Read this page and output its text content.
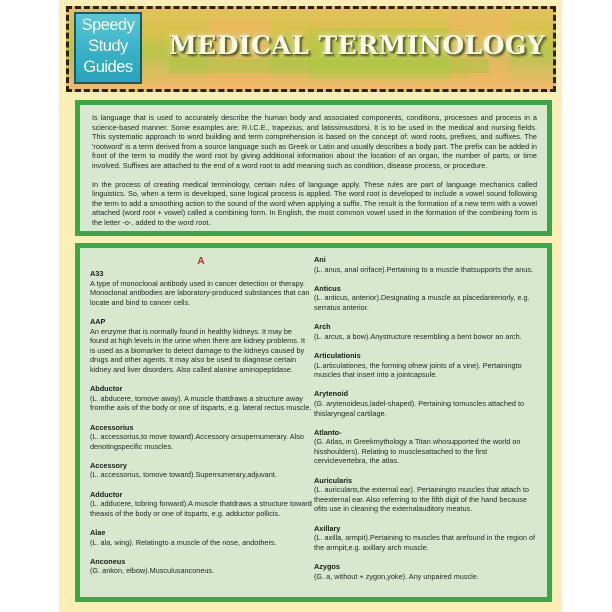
Speedy
Study
Guides
MEDICAL TERMINOLOGY

Is language that is used to accurately describe the human body and associated components, conditions, processes and process in a science-based manner. Some examples are: R.I.C.E., trapezius, and latissimusdorsi. It is to be used in the medical and nursing fields. This systematic approach to word building and term comprehension is based on the concept of: word roots, prefixes, and suffixes. The 'rootword' is a term derived from a source language such as Greek or Latin and usually describes a body part. The prefix can be added in front of the term to modify the word root by giving additional information about the location of an organ, the number of parts, or time involved. Suffixes are attached to the end of a word root to add meaning such as condition, disease process, or procedure.

In the process of creating medical terminology, certain rules of language apply. These rules are part of language mechanics called linguistics. So, when a term is developed, sone logical process is applied. The word root is developed to include a vowel sound following the term to add a smoothing action to the sound of the word when applying a suffix. The result is the formation of a new term with a vowel attached (word root + vowel) called a combining form. In English, the most common vowel used in the formation of the combining form is the letter -o-, added to the word root.

A
A33
A type of monoclonal antibody used in cancer detection or therapy. Monoclonal antibodies are laboratory-produced substances that can locate and bind to cancer cells.
AAP
An enzyme that is normally found in healthy kidneys. It may be found at high levels in the urine when there are kidney problems. It is used as a biomarker to detect damage to the kidneys caused by drugs and other agents. It may also be used to diagnose certain kidney and liver disorders. Also called alanine aminopeptidase.
Abductor
(L. abducere, tomove away). A muscle thatdraws a structure away fromthe axis of the body or one of itsparts, e.g. lateral rectus muscle.
Accessorius
(L. accessorius,to move toward).Accessory orsupernumerary. Also denotingspecific muscles.
Accessory
(L. accessorius, tomove toward).Supernumerary,adjuvant.
Adductor
(L. adducere, tobring forward).A muscle thatdraws a structure toward theaxis of the body or one of itsparts, e.g. adductor pollicis.
Alae
(L. ala, wing). Relatingto a muscle of the nose, andothers.
Anconeus
(G. ankon, elbow).Musculusanconeus.
Ani
(L. anus, anal oriface).Pertaining to a muscle thatsupports the anus.
Anticus
(L. anticus, anterior).Designating a muscle as placedanteriorly, e.g. serratus anterior.
Arch
(L. arcus, a bow).Anystructure resembling a bent bowor an arch.
Articulationis
(L.articulationes, the forming ofnew joints of a vine). Pertainingto muscles that insert into a jointcapsule.
Arytenoid
(G. arytenoideus,ladel-shaped). Pertaining tomuscles attached to thislaryngeal cartilage.
Atlanto-
(G. Atlas, in Greekmythology a Titan whosupported the world on hisshoulders). Relating to musclesattached to the first cerviclevertebra, the atlas.
Auricularis
(L. auricularis,the external ear). Pertainingto muscles that attach to theexternal ear. Also referring to the fifth digit of the hand because ofits use in cleaning the externalauditory meatus.
Axillary
(L. axilla, armpit).Pertaining to muscles that arefound in the region of the armpit,e.g. axillary arch muscle.
Azygos
(G. a, without + zygon,yoke). Any unpaired muscle.
